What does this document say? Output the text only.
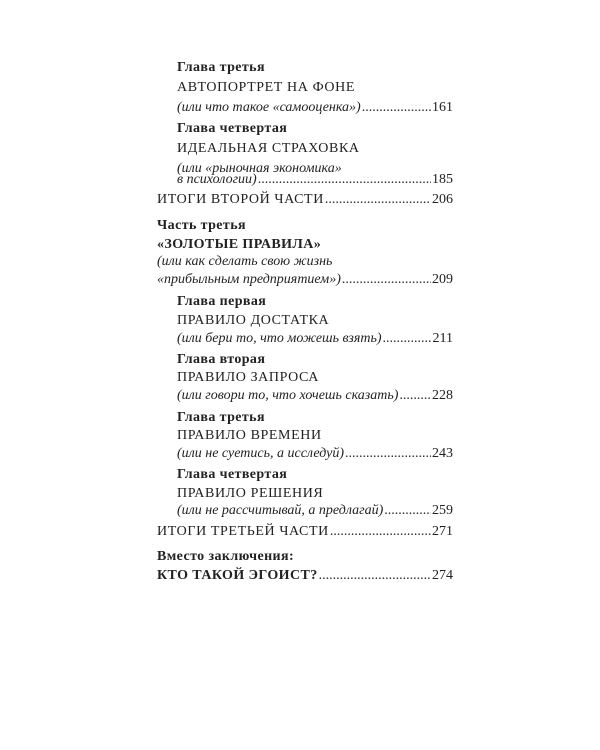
Глава третья
АВТОПОРТРЕТ НА ФОНЕ
(или что такое «самооценка») .....	161
Глава четвертая
ИДЕАЛЬНАЯ СТРАХОВКА
(или «рыночная экономика»
в психологии) .....	185
ИТОГИ ВТОРОЙ ЧАСТИ .....	206
Часть третья
«ЗОЛОТЫЕ ПРАВИЛА»
(или как сделать свою жизнь
«прибыльным предприятием») .....	209
Глава первая
ПРАВИЛО ДОСТАТКА
(или бери то, что можешь взять) .....	211
Глава вторая
ПРАВИЛО ЗАПРОСА
(или говори то, что хочешь сказать) ..... 228
Глава третья
ПРАВИЛО ВРЕМЕНИ
(или не суетись, а исследуй) .....	243
Глава четвертая
ПРАВИЛО РЕШЕНИЯ
(или не рассчитывай, а предлагай) .....	259
ИТОГИ ТРЕТЬЕЙ ЧАСТИ .....	271
Вместо заключения:
КТО ТАКОЙ ЭГОИСТ? .....	274
